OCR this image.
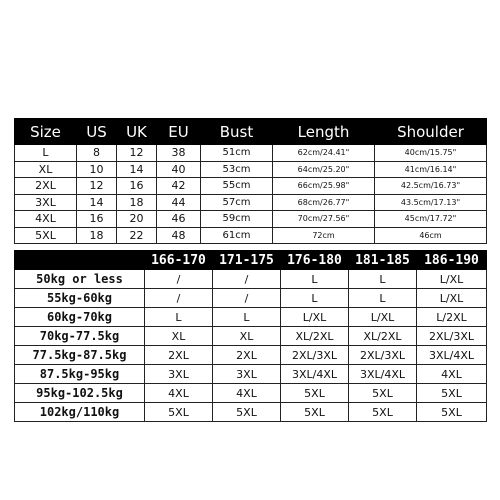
Size	US	UK	EU	Bust	Length	Shoulder
L	8	12	38	51cm	62cm/24.41"	40cm/15.75"
XL	10	14	40	53cm	64cm/25.20"	41cm/16.14"
2XL	12	16	42	55cm	66cm/25.98"	42.5cm/16.73"
3XL	14	18	44	57cm	68cm/26.77"	43.5cm/17.13"
4XL	16	20	46	59cm	70cm/27.56"	45cm/17.72"
5XL	18	22	48	61cm	72cm	46cm
	166-170	171-175	176-180	181-185	186-190
50kg or less	/	/	L	L	L/XL
55kg-60kg	/	/	L	L	L/XL
60kg-70kg	L	L	L/XL	L/XL	L/2XL
70kg-77.5kg	XL	XL	XL/2XL	XL/2XL	2XL/3XL
77.5kg-87.5kg	2XL	2XL	2XL/3XL	2XL/3XL	3XL/4XL
87.5kg-95kg	3XL	3XL	3XL/4XL	3XL/4XL	4XL
95kg-102.5kg	4XL	4XL	5XL	5XL	5XL
102kg/110kg	5XL	5XL	5XL	5XL	5XL
